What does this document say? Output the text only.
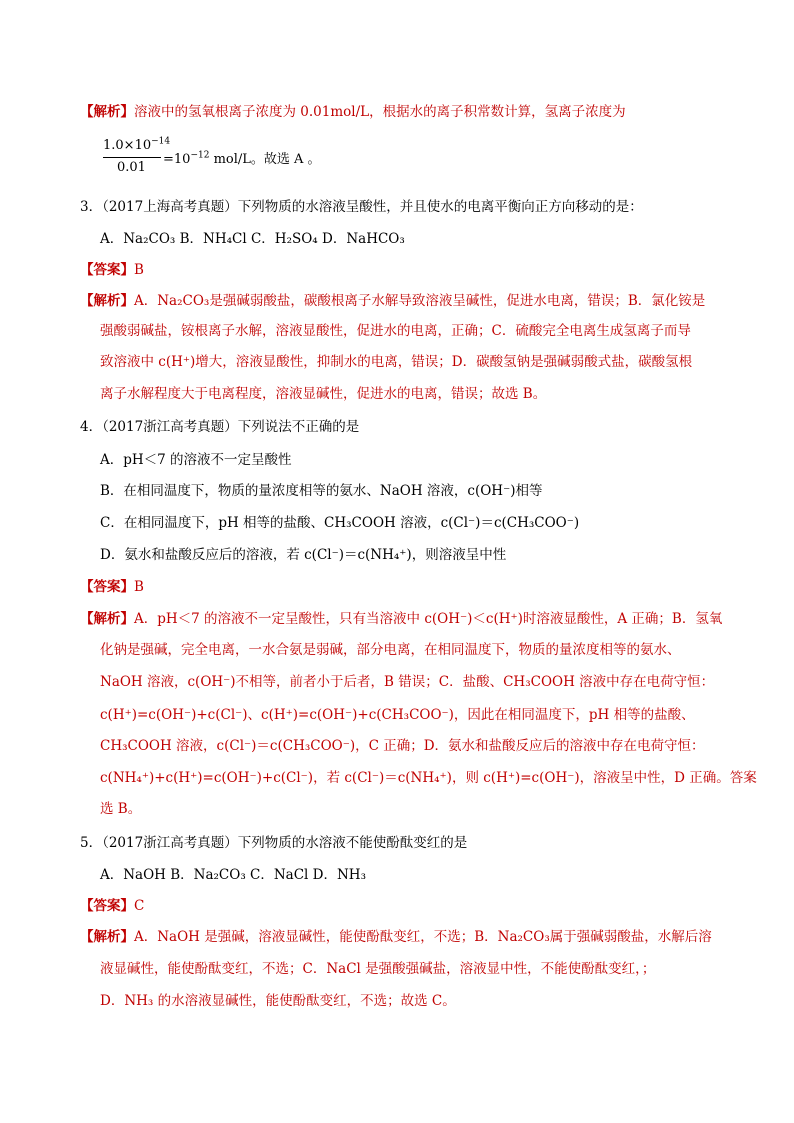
【解析】溶液中的氢氧根离子浓度为 0.01mol/L，根据水的离子积常数计算，氢离子浓度为
$1.0\times 10^{-14}$
0.01
$=10^{-12}$ mol/L。故选 A 。
3．（2017上海高考真题）下列物质的水溶液呈酸性，并且使水的电离平衡向正方向移动的是：
A．Na₂CO₃ B．NH₄Cl C．H₂SO₄ D．NaHCO₃
【答案】B
【解析】A．Na₂CO₃是强碱弱酸盐，碳酸根离子水解导致溶液呈碱性，促进水电离，错误；B．氯化铵是
强酸弱碱盐，铵根离子水解，溶液显酸性，促进水的电离，正确；C．硫酸完全电离生成氢离子而导
致溶液中 c(H⁺)增大，溶液显酸性，抑制水的电离，错误；D．碳酸氢钠是强碱弱酸式盐，碳酸氢根
离子水解程度大于电离程度，溶液显碱性，促进水的电离，错误；故选 B。
4．（2017浙江高考真题）下列说法不正确的是
A．pH＜7 的溶液不一定呈酸性
B．在相同温度下，物质的量浓度相等的氨水、NaOH 溶液，c(OH⁻)相等
C．在相同温度下，pH 相等的盐酸、CH₃COOH 溶液，c(Cl⁻)＝c(CH₃COO⁻)
D．氨水和盐酸反应后的溶液，若 c(Cl⁻)＝c(NH₄⁺)，则溶液呈中性
【答案】B
【解析】A．pH＜7 的溶液不一定呈酸性，只有当溶液中 c(OH⁻)＜c(H⁺)时溶液显酸性，A 正确；B．氢氧
化钠是强碱，完全电离，一水合氨是弱碱，部分电离，在相同温度下，物质的量浓度相等的氨水、
NaOH 溶液，c(OH⁻)不相等，前者小于后者，B 错误；C．盐酸、CH₃COOH 溶液中存在电荷守恒：
c(H⁺)=c(OH⁻)+c(Cl⁻)、c(H⁺)=c(OH⁻)+c(CH₃COO⁻)，因此在相同温度下，pH 相等的盐酸、
CH₃COOH 溶液，c(Cl⁻)＝c(CH₃COO⁻)，C 正确；D．氨水和盐酸反应后的溶液中存在电荷守恒：
c(NH₄⁺)+c(H⁺)=c(OH⁻)+c(Cl⁻)，若 c(Cl⁻)＝c(NH₄⁺)，则 c(H⁺)=c(OH⁻)，溶液呈中性，D 正确。答案
选 B。
5．（2017浙江高考真题）下列物质的水溶液不能使酚酞变红的是
A．NaOH B．Na₂CO₃ C．NaCl D．NH₃
【答案】C
【解析】A．NaOH 是强碱，溶液显碱性，能使酚酞变红，不选；B．Na₂CO₃属于强碱弱酸盐，水解后溶
液显碱性，能使酚酞变红，不选；C．NaCl 是强酸强碱盐，溶液显中性，不能使酚酞变红，；
D．NH₃ 的水溶液显碱性，能使酚酞变红，不选；故选 C。
